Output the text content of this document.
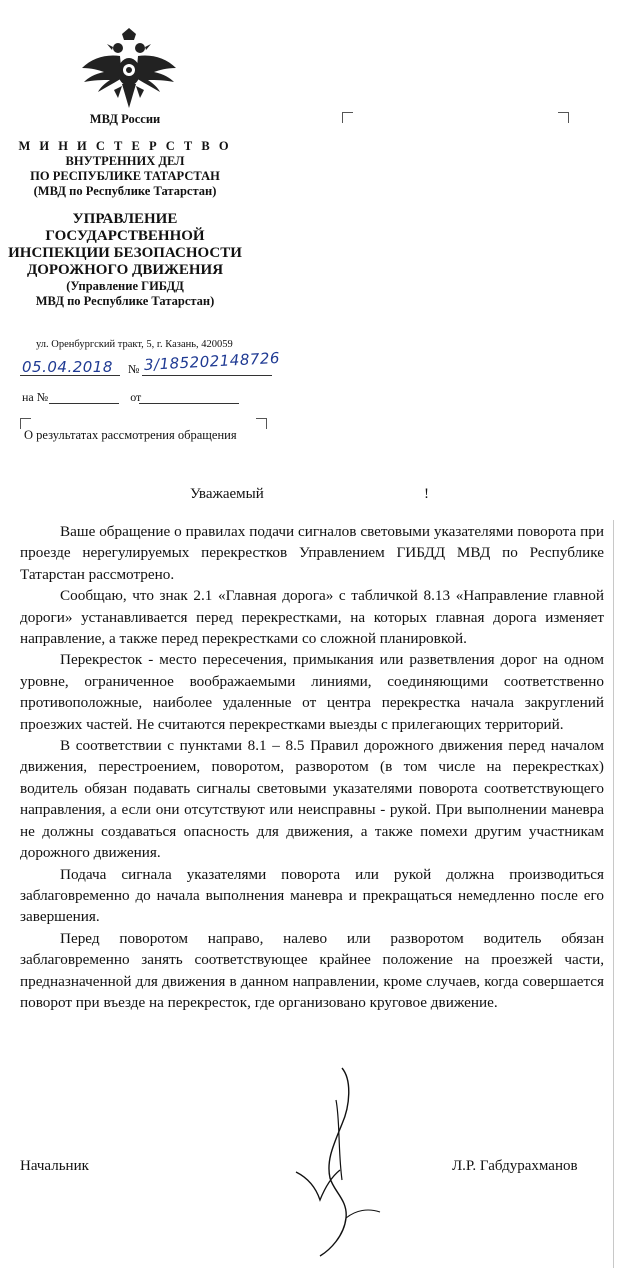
МВД России
М И Н И С Т Е Р С Т В О
ВНУТРЕННИХ ДЕЛ
ПО РЕСПУБЛИКЕ ТАТАРСТАН
(МВД по Республике Татарстан)
УПРАВЛЕНИЕ
ГОСУДАРСТВЕННОЙ
ИНСПЕКЦИИ БЕЗОПАСНОСТИ
ДОРОЖНОГО ДВИЖЕНИЯ
(Управление ГИБДД
МВД по Республике Татарстан)
ул. Оренбургский тракт, 5, г. Казань, 420059
05.04.2018 № 3/185202148726
на №	от
О результатах рассмотрения обращения
Уважаемый	!

Ваше обращение о правилах подачи сигналов световыми указателями поворота при проезде нерегулируемых перекрестков Управлением ГИБДД МВД по Республике Татарстан рассмотрено.

Сообщаю, что знак 2.1 «Главная дорога» с табличкой 8.13 «Направление главной дороги» устанавливается перед перекрестками, на которых главная дорога изменяет направление, а также перед перекрестками со сложной планировкой.

Перекресток - место пересечения, примыкания или разветвления дорог на одном уровне, ограниченное воображаемыми линиями, соединяющими соответственно противоположные, наиболее удаленные от центра перекрестка начала закруглений проезжих частей. Не считаются перекрестками выезды с прилегающих территорий.

В соответствии с пунктами 8.1 – 8.5 Правил дорожного движения перед началом движения, перестроением, поворотом, разворотом (в том числе на перекрестках) водитель обязан подавать сигналы световыми указателями поворота соответствующего направления, а если они отсутствуют или неисправны - рукой. При выполнении маневра не должны создаваться опасность для движения, а также помехи другим участникам дорожного движения.

Подача сигнала указателями поворота или рукой должна производиться заблаговременно до начала выполнения маневра и прекращаться немедленно после его завершения.

Перед поворотом направо, налево или разворотом водитель обязан заблаговременно занять соответствующее крайнее положение на проезжей части, предназначенной для движения в данном направлении, кроме случаев, когда совершается поворот при въезде на перекресток, где организовано круговое движение.

Начальник	Л.Р. Габдурахманов
